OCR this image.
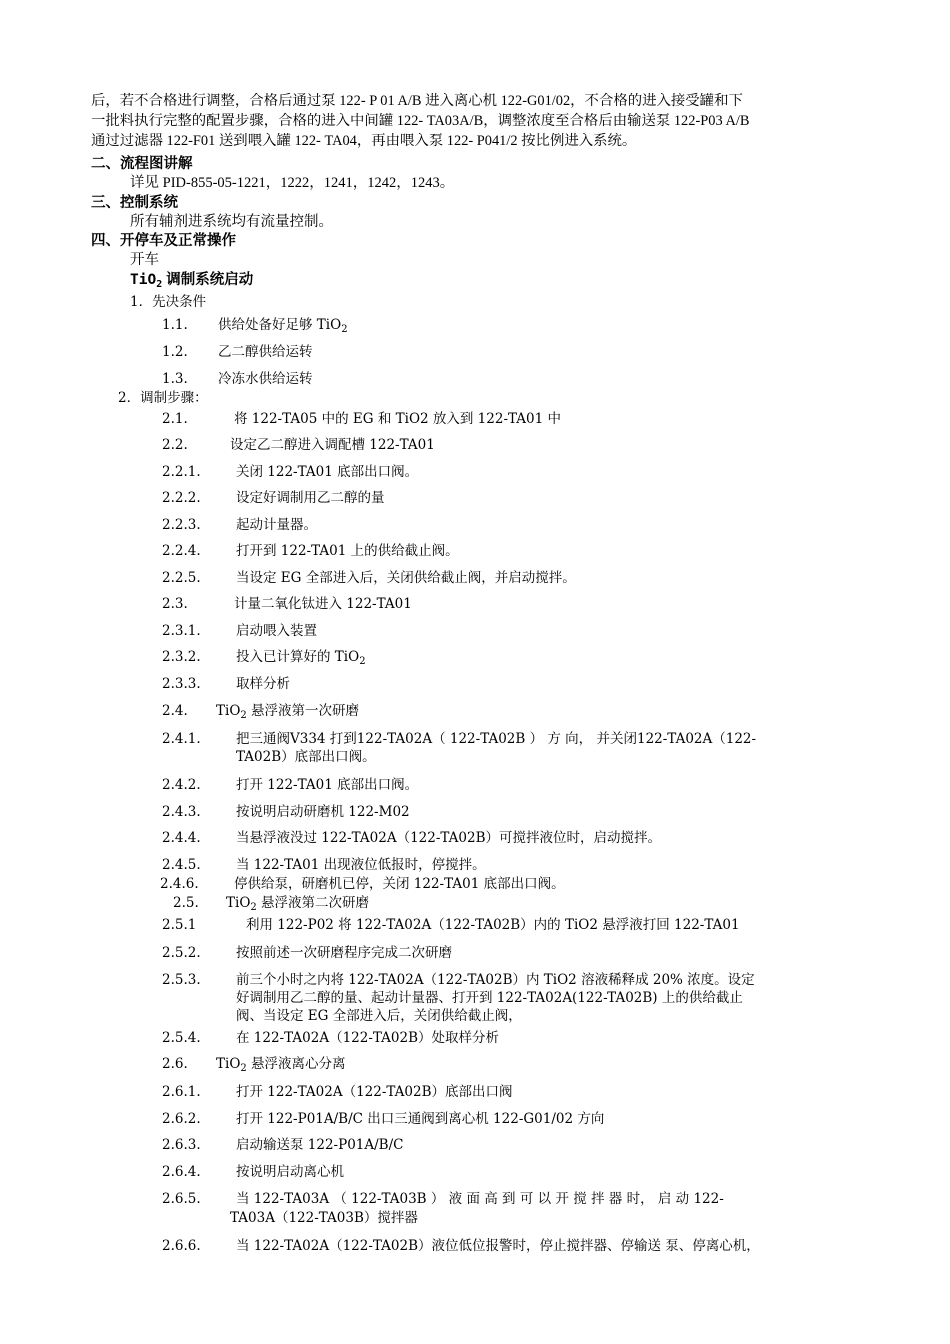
后，若不合格进行调整，合格后通过泵 122- P 01 A/B 进入离心机 122-G01/02，不合格的进入接受罐和下
一批料执行完整的配置步骤，合格的进入中间罐 122- TA03A/B，调整浓度至合格后由输送泵 122-P03 A/B
通过过滤器 122-F01 送到喂入罐 122- TA04，再由喂入泵 122- P041/2 按比例进入系统。
二、流程图讲解
详见 PID-855-05-1221，1222，1241，1242，1243。
三、控制系统
所有辅剂进系统均有流量控制。
四、开停车及正常操作
开车
TiO$_2$ 调制系统启动
1．先决条件
1.1. 供给处备好足够 TiO$_2$
1.2. 乙二醇供给运转
1.3. 冷冻水供给运转
2．调制步骤：
2.1.	将 122-TA05 中的 EG 和 TiO2 放入到 122-TA01 中
2.2.	设定乙二醇进入调配槽 122-TA01
2.2.1.	关闭 122-TA01 底部出口阀。
2.2.2.	设定好调制用乙二醇的量
2.2.3.	起动计量器。
2.2.4.	打开到 122-TA01 上的供给截止阀。
2.2.5.	当设定 EG 全部进入后，关闭供给截止阀，并启动搅拌。
2.3.	计量二氧化钛进入 122-TA01
2.3.1.	启动喂入装置
2.3.2.	投入已计算好的 TiO$_2$
2.3.3.	取样分析
2.4. TiO$_2$ 悬浮液第一次研磨
2.4.1.	把三通阀V334 打到122-TA02A（ 122-TA02B ） 方 向， 并关闭122-TA02A（122-
TA02B）底部出口阀。
2.4.2.	打开 122-TA01 底部出口阀。
2.4.3.	按说明启动研磨机 122-M02
2.4.4.	当悬浮液没过 122-TA02A（122-TA02B）可搅拌液位时，启动搅拌。
2.4.5.	当 122-TA01 出现液位低报时，停搅拌。
2.4.6.	停供给泵，研磨机已停，关闭 122-TA01 底部出口阀。
2.5. TiO$_2$ 悬浮液第二次研磨
2.5.1	利用 122-P02 将 122-TA02A（122-TA02B）内的 TiO2 悬浮液打回 122-TA01
2.5.2.	按照前述一次研磨程序完成二次研磨
2.5.3.	前三个小时之内将 122-TA02A（122-TA02B）内 TiO2 溶液稀释成 20% 浓度。设定
好调制用乙二醇的量、起动计量器、打开到 122-TA02A(122-TA02B) 上的供给截止
阀、当设定 EG 全部进入后，关闭供给截止阀，
2.5.4.	在 122-TA02A（122-TA02B）处取样分析
2.6. TiO$_2$ 悬浮液离心分离
2.6.1.	打开 122-TA02A（122-TA02B）底部出口阀
2.6.2.	打开 122-P01A/B/C 出口三通阀到离心机 122-G01/02 方向
2.6.3.	启动输送泵 122-P01A/B/C
2.6.4.	按说明启动离心机
2.6.5.	当 122-TA03A （ 122-TA03B ） 液 面 高 到 可 以 开 搅 拌 器 时， 启 动 122-
TA03A（122-TA03B）搅拌器
2.6.6.	当 122-TA02A（122-TA02B）液位低位报警时，停止搅拌器、停输送 泵、停离心机，
